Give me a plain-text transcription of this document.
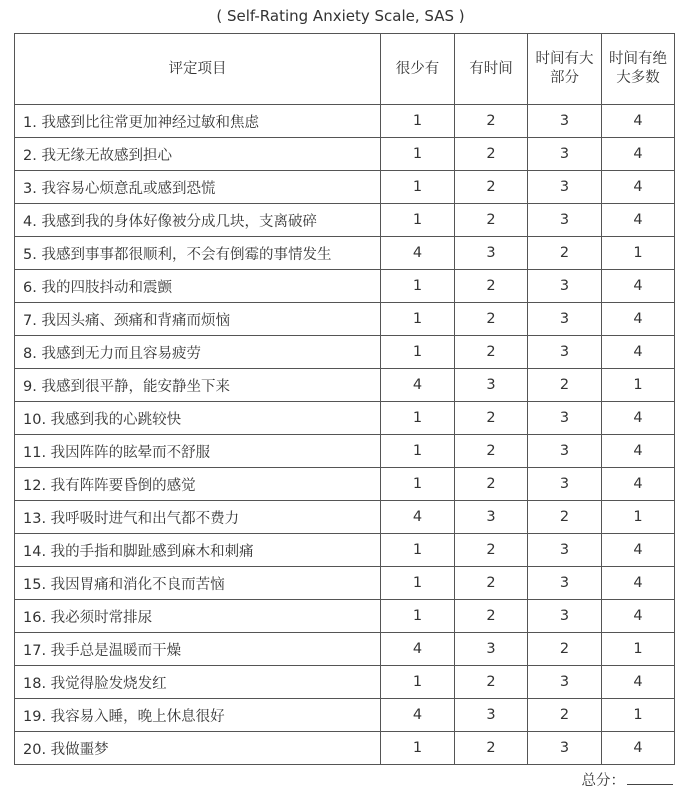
( Self-Rating Anxiety Scale, SAS )
评定项目	很少有	有时间	时间有大部分	时间有绝大多数
1. 我感到比往常更加神经过敏和焦虑	1	2	3	4
2. 我无缘无故感到担心	1	2	3	4
3. 我容易心烦意乱或感到恐慌	1	2	3	4
4. 我感到我的身体好像被分成几块，支离破碎	1	2	3	4
5. 我感到事事都很顺利，不会有倒霉的事情发生	4	3	2	1
6. 我的四肢抖动和震颤	1	2	3	4
7. 我因头痛、颈痛和背痛而烦恼	1	2	3	4
8. 我感到无力而且容易疲劳	1	2	3	4
9. 我感到很平静，能安静坐下来	4	3	2	1
10. 我感到我的心跳较快	1	2	3	4
11. 我因阵阵的眩晕而不舒服	1	2	3	4
12. 我有阵阵要昏倒的感觉	1	2	3	4
13. 我呼吸时进气和出气都不费力	4	3	2	1
14. 我的手指和脚趾感到麻木和刺痛	1	2	3	4
15. 我因胃痛和消化不良而苦恼	1	2	3	4
16. 我必须时常排尿	1	2	3	4
17. 我手总是温暖而干燥	4	3	2	1
18. 我觉得脸发烧发红	1	2	3	4
19. 我容易入睡，晚上休息很好	4	3	2	1
20. 我做噩梦	1	2	3	4
总分：
